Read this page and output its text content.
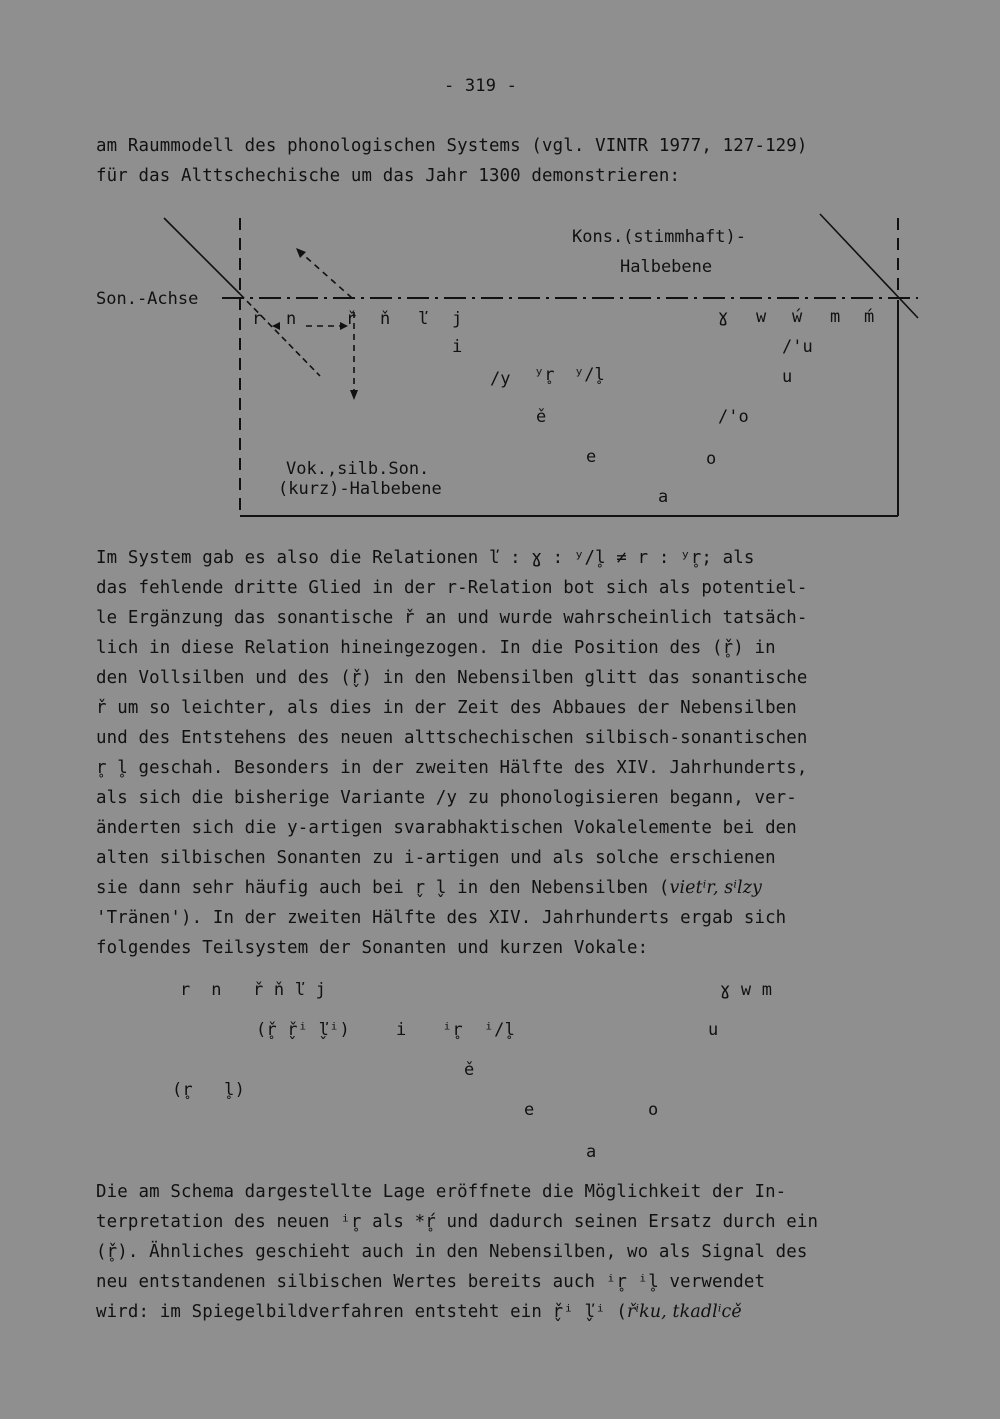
- 319 -
am Raummodell des phonologischen Systems (vgl. VINTR 1977, 127-129)
für das Alttschechische um das Jahr 1300 demonstrieren:
Son.-Achse
Kons.(stimmhaft)-
Halbebene
Vok.,silb.Son.
(kurz)-Halbebene
r n	ř ň ľ j	ɣ w ẃ m ḿ
i
/y ʸr̥ ʸ/l̥
ě
e	o
a
/'u
u
/'o
Im System gab es also die Relationen ľ : ɣ : ʸ/l̥ ≠ r : ʸr̥; als
das fehlende dritte Glied in der r-Relation bot sich als potentiel-
le Ergänzung das sonantische ř an und wurde wahrscheinlich tatsäch-
lich in diese Relation hineingezogen. In die Position des (ř̥) in
den Vollsilben und des (ř̬) in den Nebensilben glitt das sonantische
ř um so leichter, als dies in der Zeit des Abbaues der Nebensilben
und des Entstehens des neuen alttschechischen silbisch-sonantischen
r̥ l̥ geschah. Besonders in der zweiten Hälfte des XIV. Jahrhunderts,
als sich die bisherige Variante /y zu phonologisieren begann, ver-
änderten sich die y-artigen svarabhaktischen Vokalelemente bei den
alten silbischen Sonanten zu i-artigen und als solche erschienen
sie dann sehr häufig auch bei r̬ l̬ in den Nebensilben (vietⁱr, sⁱlzy
'Tränen'). In der zweiten Hälfte des XIV. Jahrhunderts ergab sich
folgendes Teilsystem der Sonanten und kurzen Vokale:
r  n   ř ň ľ j	ɣ w m
(ř̥ ř̬ⁱ ľ̬ⁱ)	i ⁱr̥  ⁱ/l̥	u
ě
(r̥   l̥)
e	o
a
Die am Schema dargestellte Lage eröffnete die Möglichkeit der In-
terpretation des neuen ⁱr̥ als *ŕ̥ und dadurch seinen Ersatz durch ein
(ř̥). Ähnliches geschieht auch in den Nebensilben, wo als Signal des
neu entstandenen silbischen Wertes bereits auch ⁱr̥ ⁱl̥ verwendet
wird: im Spiegelbildverfahren entsteht ein ř̬ⁱ ľ̬ⁱ (řⁱku, tkadlⁱcě
